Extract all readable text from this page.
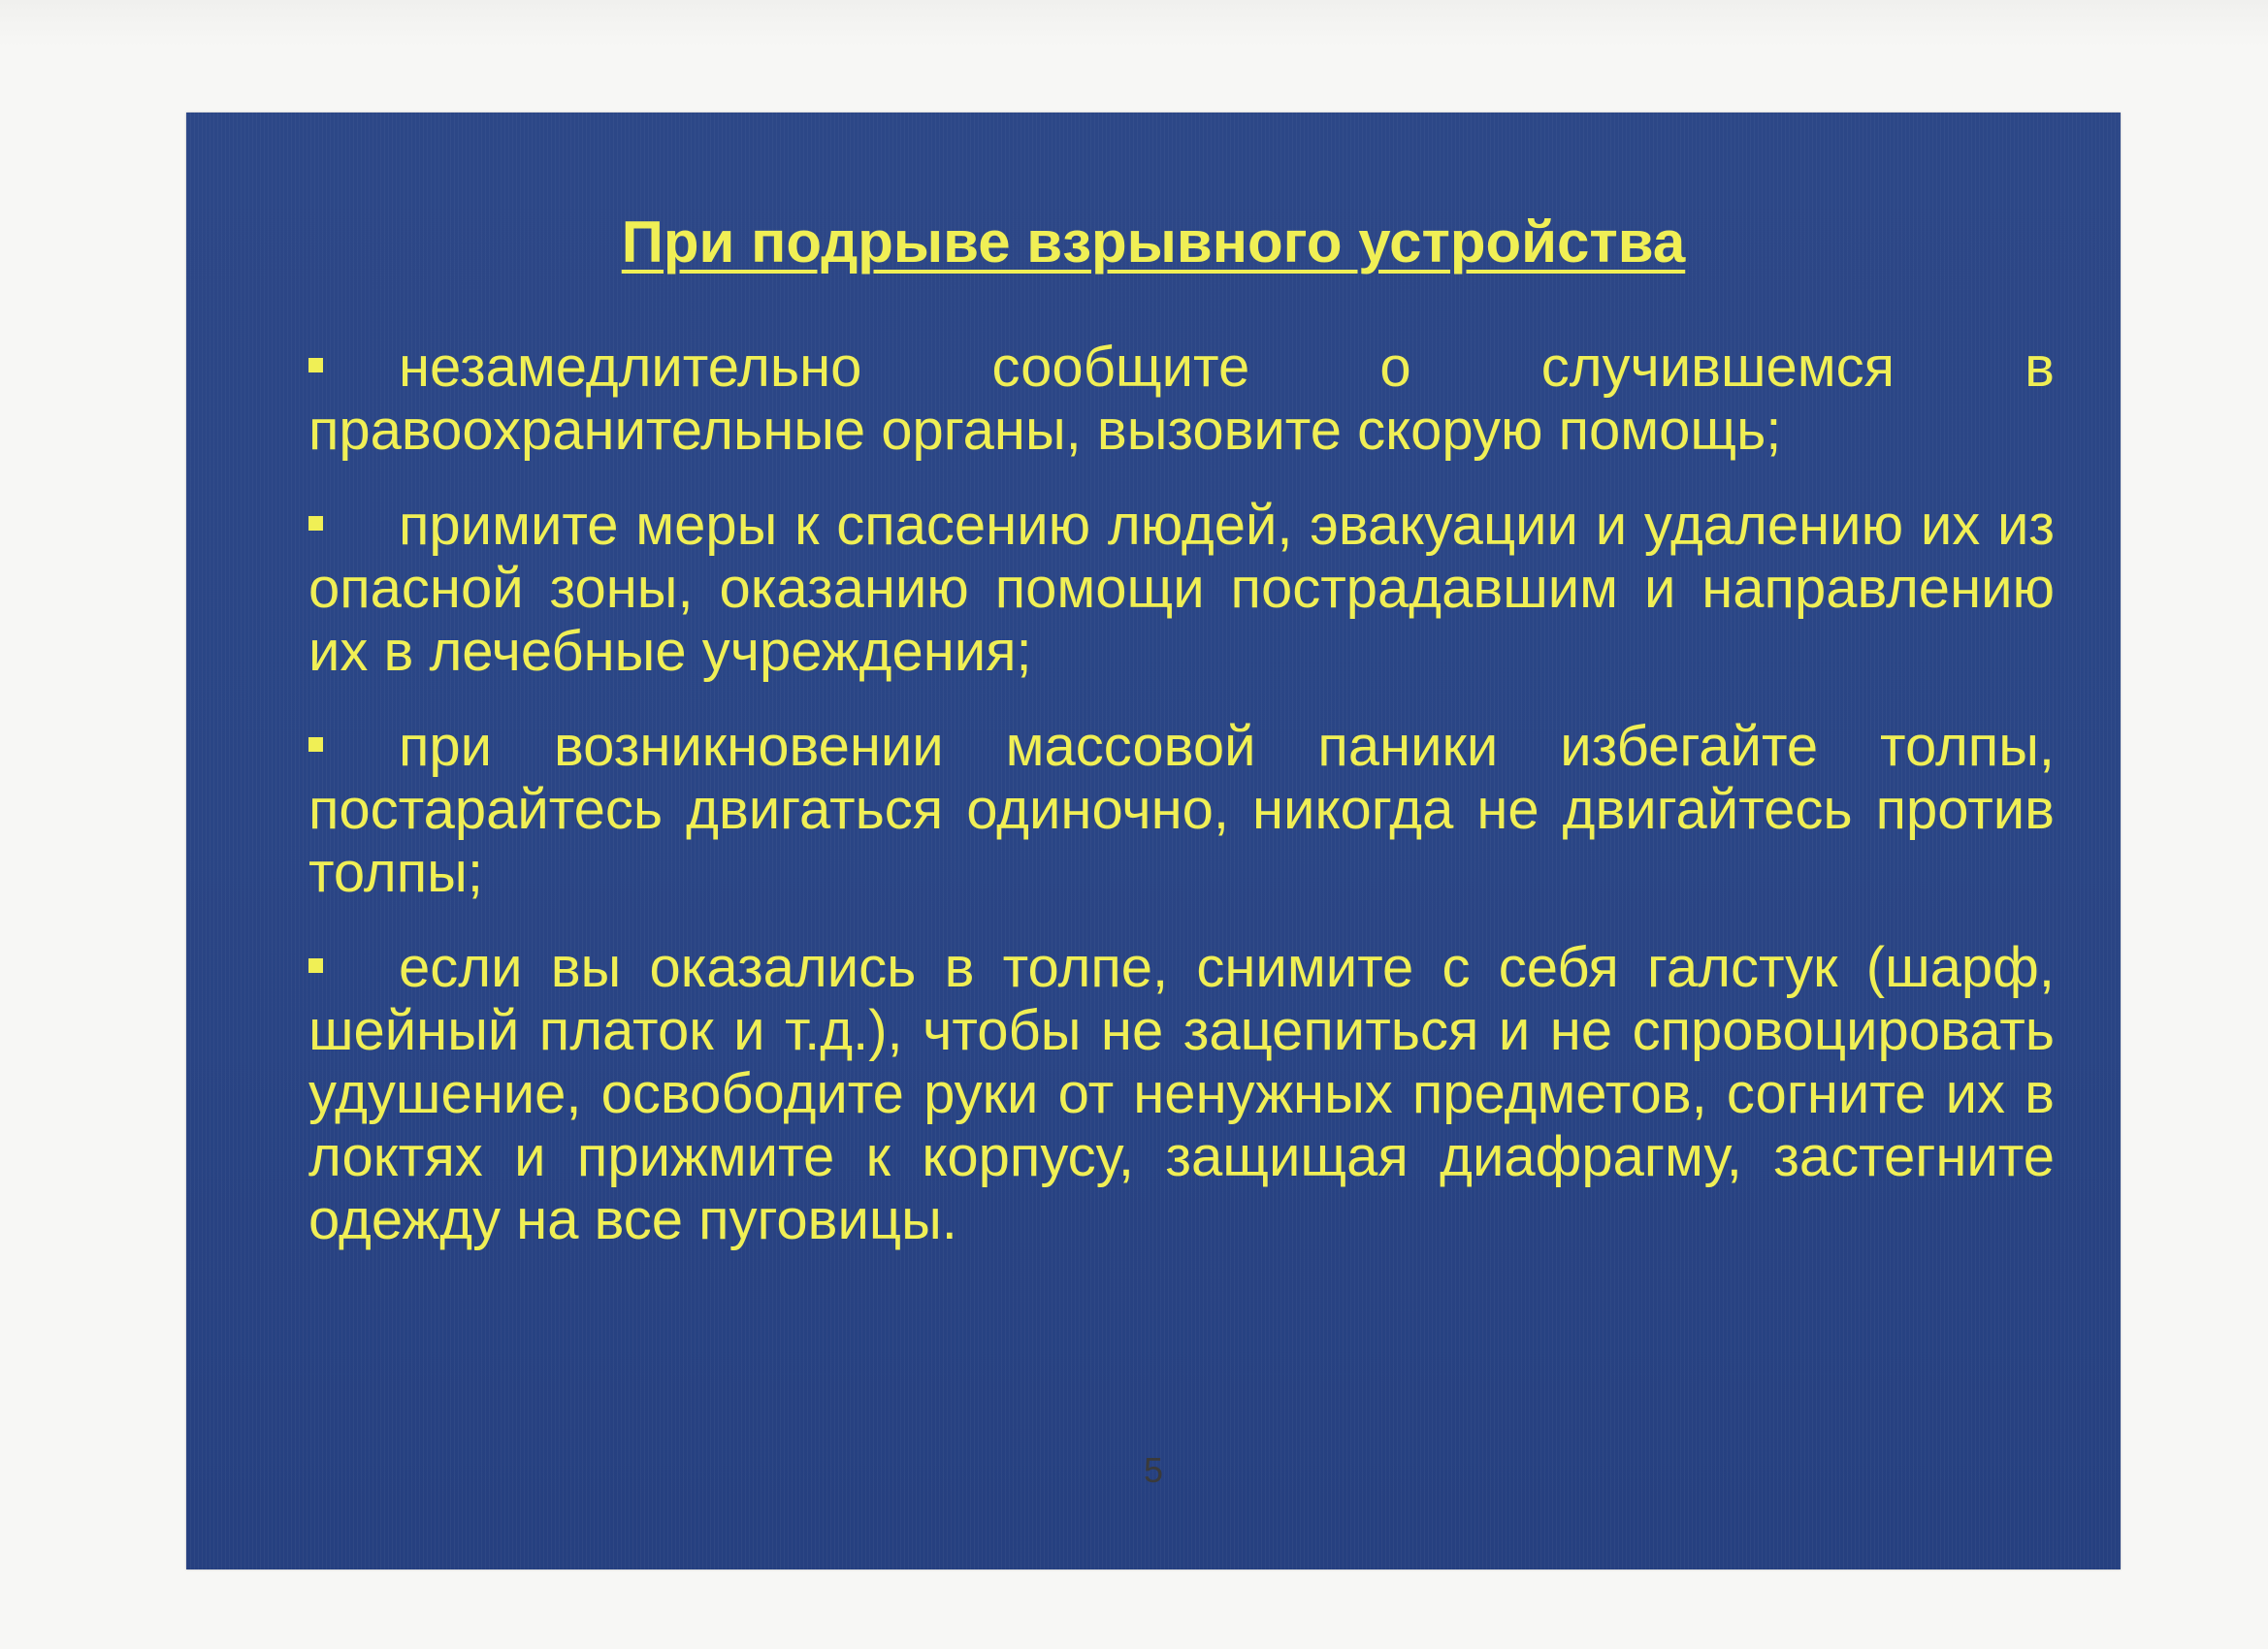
При подрыве взрывного устройства

незамедлительно сообщите о случившемся в правоохранительные органы, вызовите скорую помощь;

примите меры к спасению людей, эвакуации и удалению их из опасной зоны, оказанию помощи пострадавшим и направлению их в лечебные учреждения;

при возникновении массовой паники избегайте толпы, постарайтесь двигаться одиночно, никогда не двигайтесь против толпы;

если вы оказались в толпе, снимите с себя галстук (шарф, шейный платок и т.д.), чтобы не зацепиться и не спровоцировать удушение, освободите руки от ненужных предметов, согните их в локтях и прижмите к корпусу, защищая диафрагму, застегните одежду на все пуговицы.

5
